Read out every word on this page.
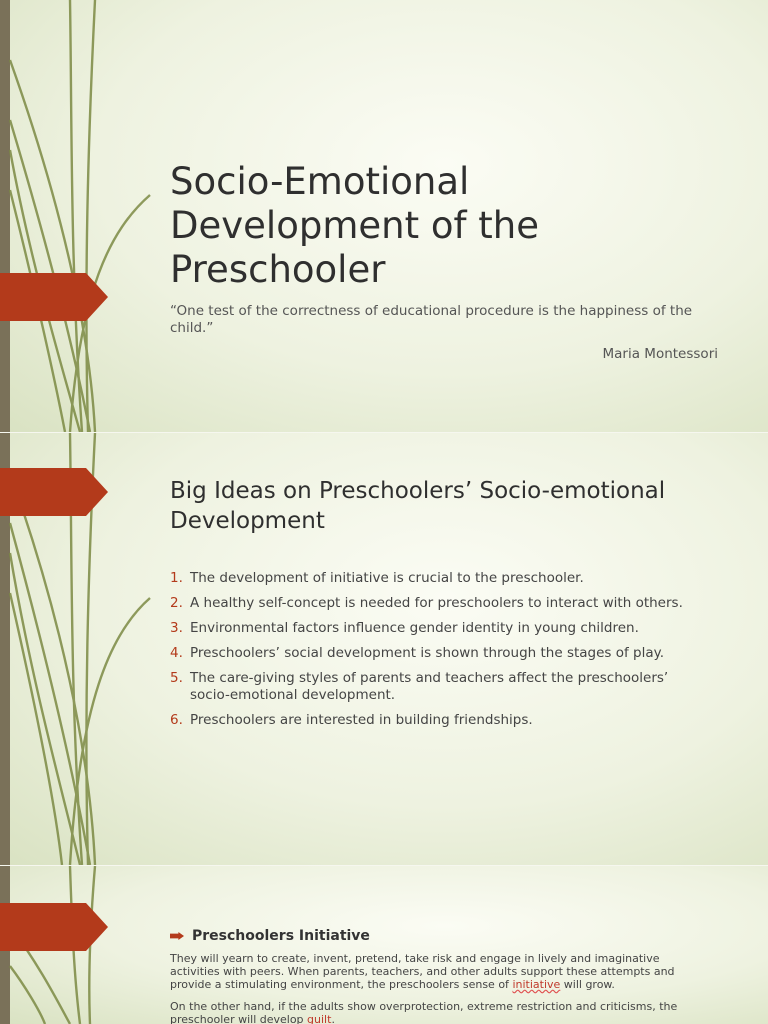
Socio-Emotional Development of the Preschooler

“One test of the correctness of educational procedure is the happiness of the child.”

Maria Montessori

Big Ideas on Preschoolers’ Socio-emotional Development
1. The development of initiative is crucial to the preschooler.
2. A healthy self-concept is needed for preschoolers to interact with others.
3. Environmental factors influence gender identity in young children.
4. Preschoolers’ social development is shown through the stages of play.
5. The care-giving styles of parents and teachers affect the preschoolers’ socio-emotional development.
6. Preschoolers are interested in building friendships.
Preschoolers Initiative

They will yearn to create, invent, pretend, take risk and engage in lively and imaginative activities with peers. When parents, teachers, and other adults support these attempts and provide a stimulating environment, the preschoolers sense of initiative will grow.

On the other hand, if the adults show overprotection, extreme restriction and criticisms, the preschooler will develop guilt.
